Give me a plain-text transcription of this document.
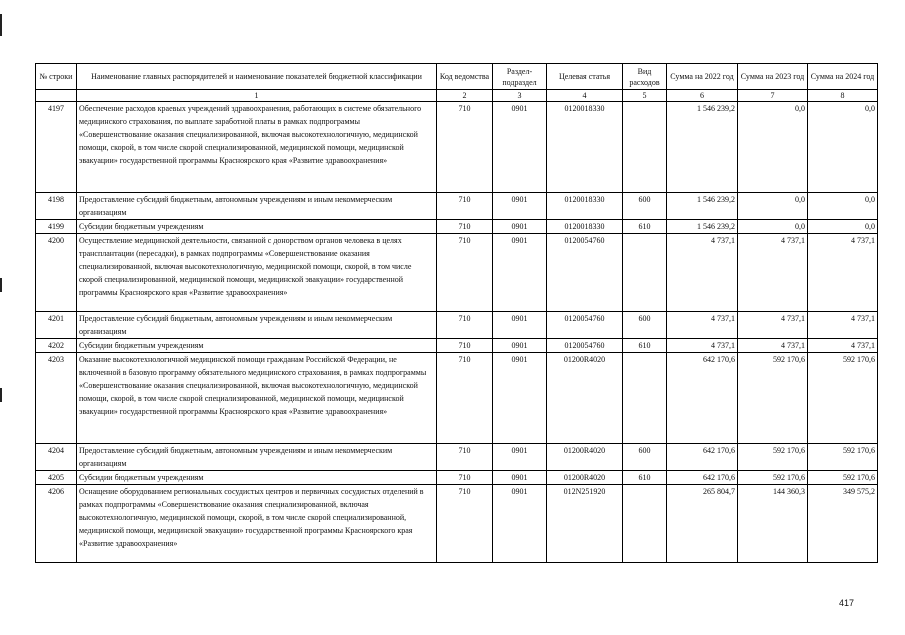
№ строки	Наименование главных распорядителей и наименование показателей бюджетной классификации	Код ведомства	Раздел-подраздел	Целевая статья	Вид расходов	Сумма на 2022 год	Сумма на 2023 год	Сумма на 2024 год
	1	2	3	4	5	6	7	8
4197	Обеспечение расходов краевых учреждений здравоохранения, работающих в системе обязательного медицинского страхования, по выплате заработной платы в рамках подпрограммы «Совершенствование оказания специализированной, включая высокотехнологичную, медицинской помощи, скорой, в том числе скорой специализированной, медицинской помощи, медицинской эвакуации» государственной программы Красноярского края «Развитие здравоохранения»	710	0901	0120018330		1 546 239,2	0,0	0,0
4198	Предоставление субсидий бюджетным, автономным учреждениям и иным некоммерческим организациям	710	0901	0120018330	600	1 546 239,2	0,0	0,0
4199	Субсидии бюджетным учреждениям	710	0901	0120018330	610	1 546 239,2	0,0	0,0
4200	Осуществление медицинской деятельности, связанной с донорством органов человека в целях трансплантации (пересадки), в рамках подпрограммы «Совершенствование оказания специализированной, включая высокотехнологичную, медицинской помощи, скорой, в том числе скорой специализированной, медицинской помощи, медицинской эвакуации» государственной программы Красноярского края «Развитие здравоохранения»	710	0901	0120054760		4 737,1	4 737,1	4 737,1
4201	Предоставление субсидий бюджетным, автономным учреждениям и иным некоммерческим организациям	710	0901	0120054760	600	4 737,1	4 737,1	4 737,1
4202	Субсидии бюджетным учреждениям	710	0901	0120054760	610	4 737,1	4 737,1	4 737,1
4203	Оказание высокотехнологичной медицинской помощи гражданам Российской Федерации, не включенной в базовую программу обязательного медицинского страхования, в рамках подпрограммы «Совершенствование оказания специализированной, включая высокотехнологичную, медицинской помощи, скорой, в том числе скорой специализированной, медицинской помощи, медицинской эвакуации» государственной программы Красноярского края «Развитие здравоохранения»	710	0901	01200R4020		642 170,6	592 170,6	592 170,6
4204	Предоставление субсидий бюджетным, автономным учреждениям и иным некоммерческим организациям	710	0901	01200R4020	600	642 170,6	592 170,6	592 170,6
4205	Субсидии бюджетным учреждениям	710	0901	01200R4020	610	642 170,6	592 170,6	592 170,6
4206	Оснащение оборудованием региональных сосудистых центров и первичных сосудистых отделений в рамках подпрограммы «Совершенствование оказания специализированной, включая высокотехнологичную, медицинской помощи, скорой, в том числе скорой специализированной, медицинской помощи, медицинской эвакуации» государственной программы Красноярского края «Развитие здравоохранения»	710	0901	012N251920		265 804,7	144 360,3	349 575,2
417
